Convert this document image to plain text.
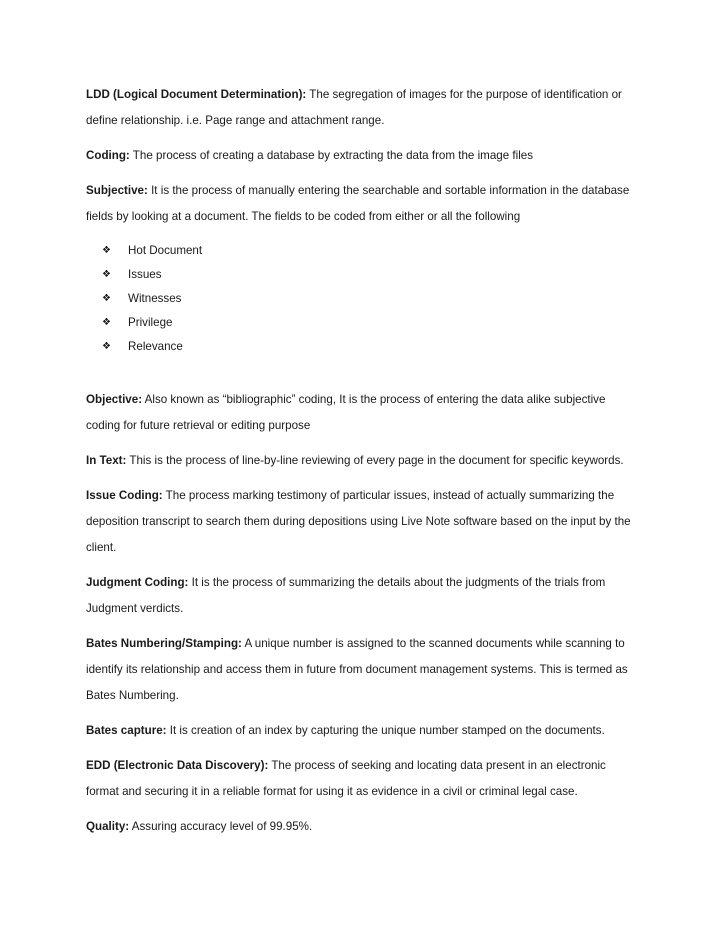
LDD (Logical Document Determination): The segregation of images for the purpose of identification or define relationship. i.e. Page range and attachment range.

Coding: The process of creating a database by extracting the data from the image files

Subjective: It is the process of manually entering the searchable and sortable information in the database fields by looking at a document. The fields to be coded from either or all the following

❖	Hot Document
❖	Issues
❖	Witnesses
❖	Privilege
❖	Relevance

Objective: Also known as “bibliographic” coding, It is the process of entering the data alike subjective coding for future retrieval or editing purpose

In Text: This is the process of line-by-line reviewing of every page in the document for specific keywords.

Issue Coding: The process marking testimony of particular issues, instead of actually summarizing the deposition transcript to search them during depositions using Live Note software based on the input by the client.

Judgment Coding: It is the process of summarizing the details about the judgments of the trials from Judgment verdicts.

Bates Numbering/Stamping: A unique number is assigned to the scanned documents while scanning to identify its relationship and access them in future from document management systems. This is termed as Bates Numbering.

Bates capture: It is creation of an index by capturing the unique number stamped on the documents.

EDD (Electronic Data Discovery): The process of seeking and locating data present in an electronic format and securing it in a reliable format for using it as evidence in a civil or criminal legal case.

Quality: Assuring accuracy level of 99.95%.
